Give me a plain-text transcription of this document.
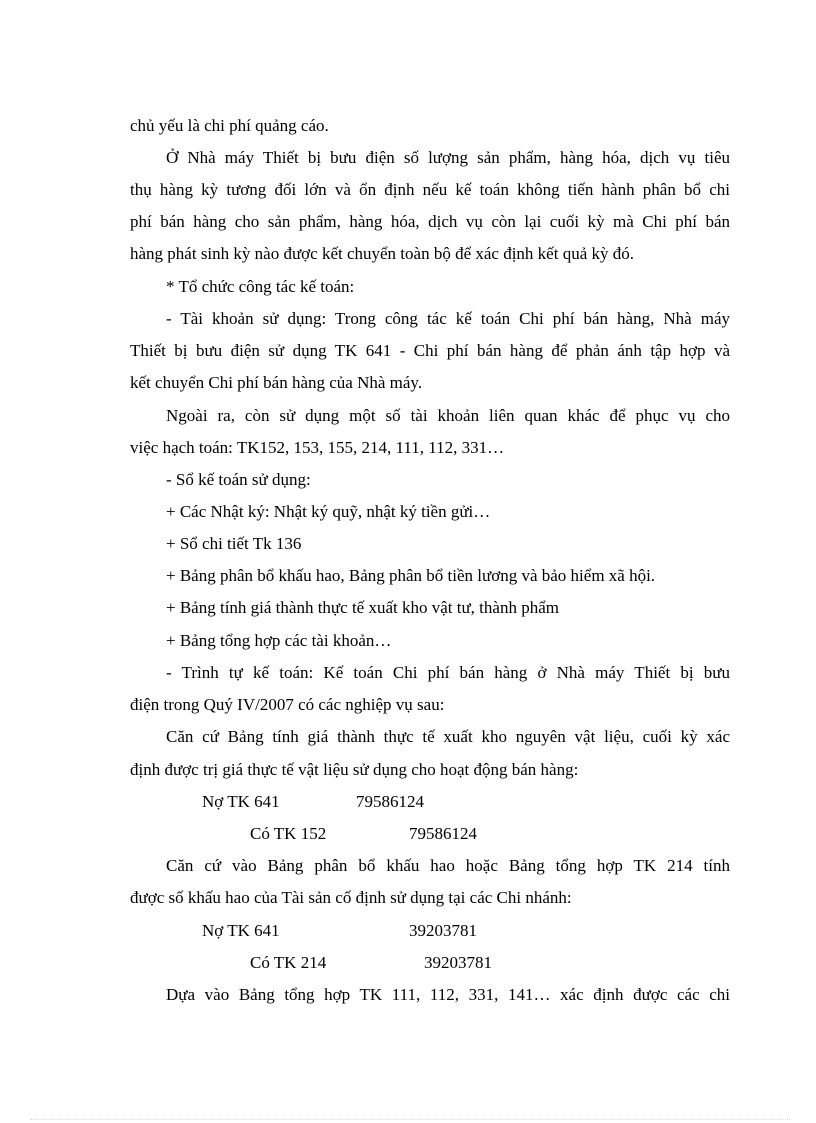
chủ yếu là chi phí quảng cáo.
Ở Nhà máy Thiết bị bưu điện số lượng sản phẩm, hàng hóa, dịch vụ tiêu
thụ hàng kỳ tương đối lớn và ổn định nếu kế toán không tiến hành phân bổ chi
phí bán hàng cho sản phẩm, hàng hóa, dịch vụ còn lại cuối kỳ mà Chi phí bán
hàng phát sinh kỳ nào được kết chuyển toàn bộ để xác định kết quả kỳ đó.
* Tổ chức công tác kế toán:
- Tài khoản sử dụng: Trong công tác kế toán Chi phí bán hàng, Nhà máy
Thiết bị bưu điện sử dụng TK 641 - Chi phí bán hàng để phản ánh tập hợp và
kết chuyển Chi phí bán hàng của Nhà máy.
Ngoài ra, còn sử dụng một số tài khoản liên quan khác để phục vụ cho
việc hạch toán: TK152, 153, 155, 214, 111, 112, 331…
- Sổ kế toán sử dụng:
+ Các Nhật ký: Nhật ký quỹ, nhật ký tiền gửi…
+ Sổ chi tiết Tk 136
+ Bảng phân bổ khấu hao, Bảng phân bổ tiền lương và bảo hiểm xã hội.
+ Bảng tính giá thành thực tế xuất kho vật tư, thành phẩm
+ Bảng tổng hợp các tài khoản…
- Trình tự kế toán: Kế toán Chi phí bán hàng ở Nhà máy Thiết bị bưu
điện trong Quý IV/2007 có các nghiệp vụ sau:
Căn cứ Bảng tính giá thành thực tế xuất kho nguyên vật liệu, cuối kỳ xác
định được trị giá thực tế vật liệu sử dụng cho hoạt động bán hàng:
Nợ TK 641	79586124
Có TK 152	79586124
Căn cứ vào Bảng phân bổ khấu hao hoặc Bảng tổng hợp TK 214 tính
được số khấu hao của Tài sản cố định sử dụng tại các Chi nhánh:
Nợ TK 641	39203781
Có TK 214	39203781
Dựa vào Bảng tổng hợp TK 111, 112, 331, 141… xác định được các chi
